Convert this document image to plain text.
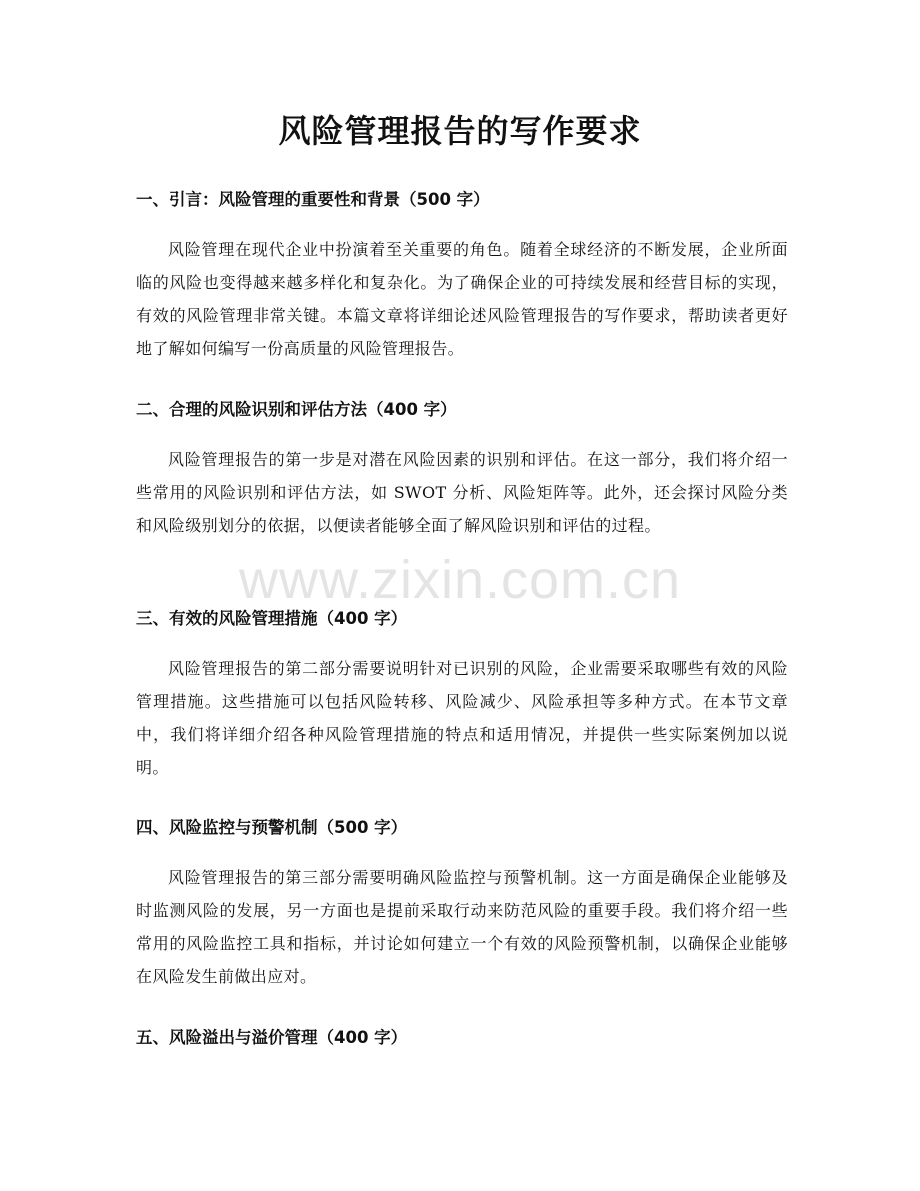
风险管理报告的写作要求
一、引言：风险管理的重要性和背景（500 字）

风险管理在现代企业中扮演着至关重要的角色。随着全球经济的不断发展，企业所面临的风险也变得越来越多样化和复杂化。为了确保企业的可持续发展和经营目标的实现，有效的风险管理非常关键。本篇文章将详细论述风险管理报告的写作要求，帮助读者更好地了解如何编写一份高质量的风险管理报告。

二、合理的风险识别和评估方法（400 字）

风险管理报告的第一步是对潜在风险因素的识别和评估。在这一部分，我们将介绍一些常用的风险识别和评估方法，如 SWOT 分析、风险矩阵等。此外，还会探讨风险分类和风险级别划分的依据，以便读者能够全面了解风险识别和评估的过程。

三、有效的风险管理措施（400 字）

风险管理报告的第二部分需要说明针对已识别的风险，企业需要采取哪些有效的风险管理措施。这些措施可以包括风险转移、风险减少、风险承担等多种方式。在本节文章中，我们将详细介绍各种风险管理措施的特点和适用情况，并提供一些实际案例加以说明。

四、风险监控与预警机制（500 字）

风险管理报告的第三部分需要明确风险监控与预警机制。这一方面是确保企业能够及时监测风险的发展，另一方面也是提前采取行动来防范风险的重要手段。我们将介绍一些常用的风险监控工具和指标，并讨论如何建立一个有效的风险预警机制，以确保企业能够在风险发生前做出应对。

五、风险溢出与溢价管理（400 字）
www.zixin.com.cn
